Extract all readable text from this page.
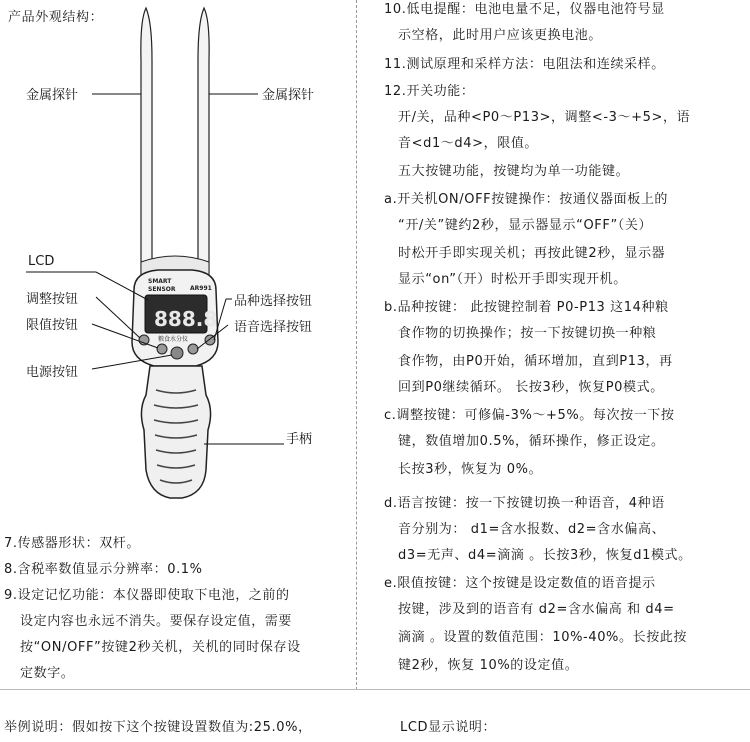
产品外观结构：
SMART
SENSOR AR991
888.8
粮食水分仪
金属探针	金属探针
LCD
调整按钮	品种选择按钮
限值按钮	语音选择按钮
电源按钮
手柄
7.传感器形状：双杆。
8.含税率数值显示分辨率：0.1%
9.设定记忆功能：本仪器即使取下电池，之前的
设定内容也永远不消失。要保存设定值，需要
按“ON/OFF”按键2秒关机，关机的同时保存设
定数字。
10.低电提醒：电池电量不足，仪器电池符号显
示空格，此时用户应该更换电池。
11.测试原理和采样方法：电阻法和连续采样。
12.开关功能：
开/关，品种<P0～P13>，调整<-3～+5>，语
音<d1～d4>，限值。
五大按键功能，按键均为单一功能键。
a.开关机ON/OFF按键操作：按通仪器面板上的
“开/关”键约2秒，显示器显示“OFF”（关）
时松开手即实现关机；再按此键2秒，显示器
显示“on”（开）时松开手即实现开机。
b.品种按键： 此按键控制着 P0-P13 这14种粮
食作物的切换操作；按一下按键切换一种粮
食作物，由P0开始，循环增加，直到P13，再
回到P0继续循环。 长按3秒，恢复P0模式。
c.调整按键：可修偏-3%～+5%。每次按一下按
键，数值增加0.5%，循环操作，修正设定。
长按3秒，恢复为 0%。
d.语言按键：按一下按键切换一种语音，4种语
音分别为： d1=含水报数、d2=含水偏高、
d3=无声、d4=滴滴 。长按3秒，恢复d1模式。
e.限值按键：这个按键是设定数值的语音提示
按键，涉及到的语音有 d2=含水偏高 和 d4=
滴滴 。设置的数值范围：10%-40%。长按此按
键2秒，恢复 10%的设定值。
举例说明：假如按下这个按键设置数值为:25.0%，	LCD显示说明：
